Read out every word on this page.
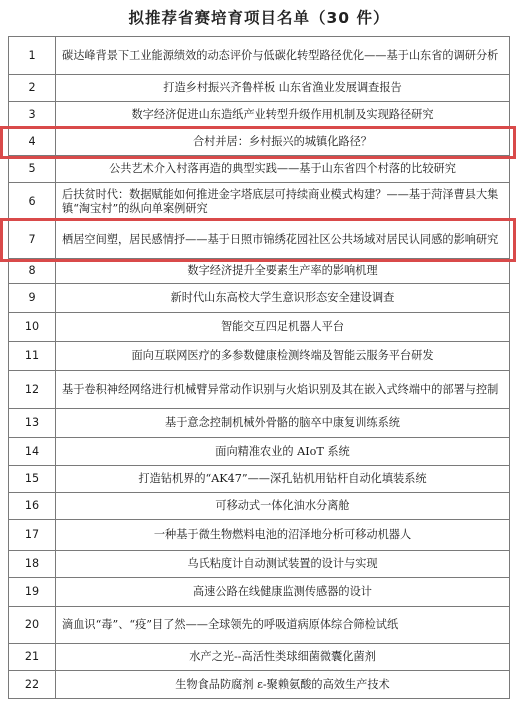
拟推荐省赛培育项目名单（30 件）
1	碳达峰背景下工业能源绩效的动态评价与低碳化转型路径优化——基于山东省的调研分析
2	打造乡村振兴齐鲁样板 山东省渔业发展调查报告
3	数字经济促进山东造纸产业转型升级作用机制及实现路径研究
4	合村并居：乡村振兴的城镇化路径？
5	公共艺术介入村落再造的典型实践——基于山东省四个村落的比较研究
6	后扶贫时代：数据赋能如何推进金字塔底层可持续商业模式构建？——基于菏泽曹县大集镇“淘宝村”的纵向单案例研究
7	栖居空间塑，居民感情抒——基于日照市锦绣花园社区公共场域对居民认同感的影响研究
8	数字经济提升全要素生产率的影响机理
9	新时代山东高校大学生意识形态安全建设调查
10	智能交互四足机器人平台
11	面向互联网医疗的多参数健康检测终端及智能云服务平台研发
12	基于卷积神经网络进行机械臂异常动作识别与火焰识别及其在嵌入式终端中的部署与控制
13	基于意念控制机械外骨骼的脑卒中康复训练系统
14	面向精准农业的 AIoT 系统
15	打造钻机界的“AK47”——深孔钻机用钻杆自动化填装系统
16	可移动式一体化油水分离舱
17	一种基于微生物燃料电池的沼泽地分析可移动机器人
18	乌氏粘度计自动测试装置的设计与实现
19	高速公路在线健康监测传感器的设计
20	滴血识“毒”、“疫”目了然——全球领先的呼吸道病原体综合筛检试纸
21	水产之光--高活性类球细菌微囊化菌剂
22	生物食品防腐剂 ε-聚赖氨酸的高效生产技术
